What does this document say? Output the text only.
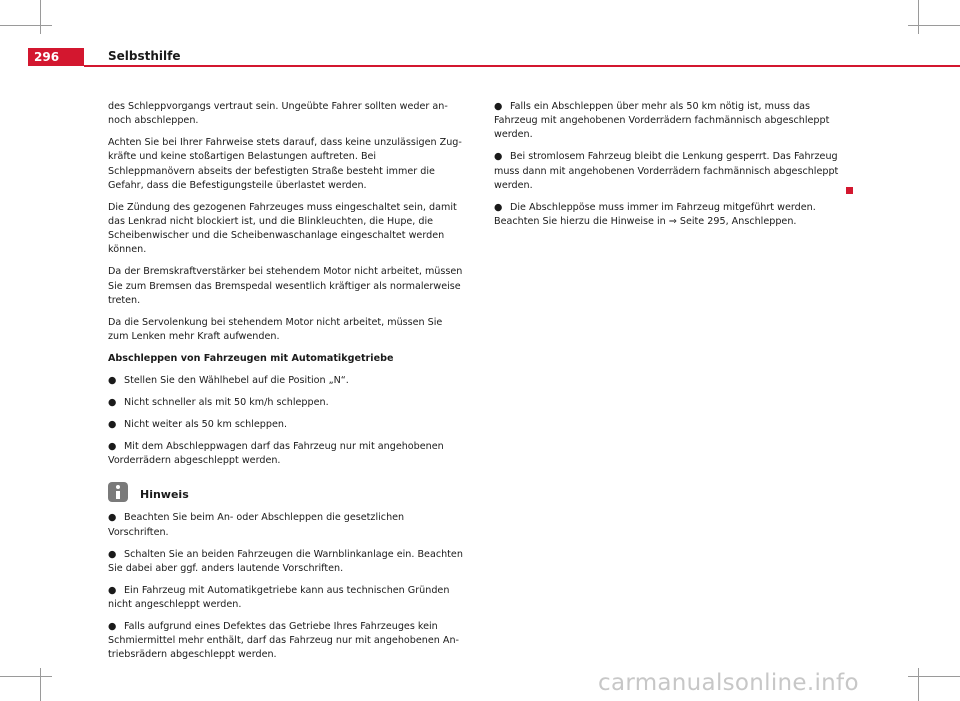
296	Selbsthilfe

des Schleppvorgangs vertraut sein. Ungeübte Fahrer sollten weder an- noch abschleppen.

Achten Sie bei Ihrer Fahrweise stets darauf, dass keine unzulässigen Zugkräfte und keine stoßartigen Belastungen auftreten. Bei Schleppmanövern abseits der befestigten Straße besteht immer die Gefahr, dass die Befestigungsteile überlastet werden.

Die Zündung des gezogenen Fahrzeuges muss eingeschaltet sein, damit das Lenkrad nicht blockiert ist, und die Blinkleuchten, die Hupe, die Scheibenwischer und die Scheibenwaschanlage eingeschaltet werden können.

Da der Bremskraftverstärker bei stehendem Motor nicht arbeitet, müssen Sie zum Bremsen das Bremspedal wesentlich kräftiger als normalerweise treten.

Da die Servolenkung bei stehendem Motor nicht arbeitet, müssen Sie zum Lenken mehr Kraft aufwenden.

Abschleppen von Fahrzeugen mit Automatikgetriebe

● Stellen Sie den Wählhebel auf die Position „N“.
● Nicht schneller als mit 50 km/h schleppen.
● Nicht weiter als 50 km schleppen.
● Mit dem Abschleppwagen darf das Fahrzeug nur mit angehobenen Vorderrädern abgeschleppt werden.
Hinweis
● Beachten Sie beim An- oder Abschleppen die gesetzlichen Vorschriften.
● Schalten Sie an beiden Fahrzeugen die Warnblinkanlage ein. Beachten Sie dabei aber ggf. anders lautende Vorschriften.
● Ein Fahrzeug mit Automatikgetriebe kann aus technischen Gründen nicht angeschleppt werden.
● Falls aufgrund eines Defektes das Getriebe Ihres Fahrzeuges kein Schmiermittel mehr enthält, darf das Fahrzeug nur mit angehobenen Antriebsrädern abgeschleppt werden.
● Falls ein Abschleppen über mehr als 50 km nötig ist, muss das Fahrzeug mit angehobenen Vorderrädern fachmännisch abgeschleppt werden.
● Bei stromlosem Fahrzeug bleibt die Lenkung gesperrt. Das Fahrzeug muss dann mit angehobenen Vorderrädern fachmännisch abgeschleppt werden.
● Die Abschleppöse muss immer im Fahrzeug mitgeführt werden. Beachten Sie hierzu die Hinweise in ⇒ Seite 295, Anschleppen.
carmanualsonline.info
